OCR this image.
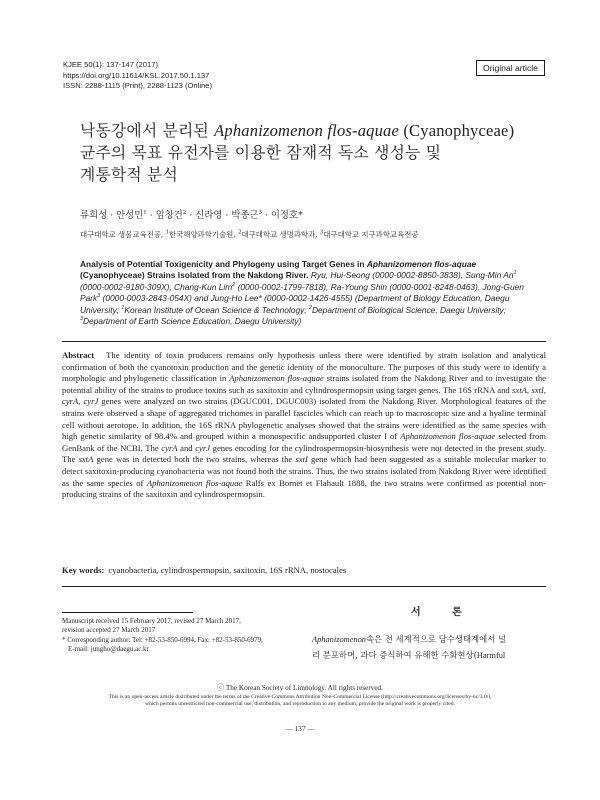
KJEE 50(1): 137-147 (2017)
https://doi.org/10.11614/KSL.2017.50.1.137
ISSN: 2288-1115 (Print), 2288-1123 (Online)
Original article
낙동강에서 분리된 Aphanizomenon flos-aquae (Cyanophyceae)
균주의 목표 유전자를 이용한 잠재적 독소 생성능 및
계통학적 분석
류희성 · 안성민$^1$ · 임창건$^2$ · 신라영 · 박종근$^3$ · 이정호*
대구대학교 생물교육전공, $^1$한국해양과학기술원, $^2$대구대학교 생명과학과, $^3$대구대학교 지구과학교육전공
Analysis of Potential Toxigenicity and Phylogeny using Target Genes in Aphanizomenon flos-aquae (Cyanophyceae) Strains Isolated from the Nakdong River. Ryu, Hui-Seong (0000-0002-8850-3838), Sung-Min An$^1$ (0000-0002-9180-309X), Chang-Kun Lim$^2$ (0000-0002-1799-7818), Ra-Young Shin (0000-0001-8248-0463), Jong-Guen Park$^3$ (0000-0003-2843-054X) and Jung-Ho Lee* (0000-0002-1426-4555) (Department of Biology Education, Daegu University; $^1$Korean Institute of Ocean Science & Technology; $^2$Department of Biological Science, Daegu University; $^3$Department of Earth Science Education, Daegu University)
Abstract The identity of toxin producers remains only hypothesis unless there were identified by strain isolation and analytical confirmation of both the cyanotoxin production and the genetic identity of the monoculture. The purposes of this study were to identify a morphologic and phylogenetic classification in Aphanizomenon flos-aquae strains isolated from the Nakdong River and to investigate the potential ability of the strains to produce toxins such as saxitoxin and cylindrospermopsin using target genes. The 16S rRNA and sxtA, sxtI, cyrA, cyrJ genes were analyzed on two strains (DGUC001, DGUC003) isolated from the Nakdong River. Morphological features of the strains were observed a shape of aggregated trichomes in parallel fascicles which can reach up to macroscopic size and a hyaline terminal cell without aerotope. In addition, the 16S rRNA phylogenetic analyses showed that the strains were identified as the same species with high genetic similarity of 98.4% and grouped within a monospecific andsupported cluster I of Aphanizomenon flos-aquae selected from GenBank of the NCBI. The cyrA and cyrJ genes encoding for the cylindrospermopsin-biosynthesis were not detected in the present study. The sxtA gene was in detected both the two strains, whereas the sxtI gene which had been suggested as a suitable molecular marker to detect saxitoxin-producing cyanobacteria was not found both the strains. Thus, the two strains isolated from Nakdong River were identified as the same species of Aphanizomenon flos-aquae Ralfs ex Bornet et Flahault 1888, the two strains were confirmed as potential non-producing strains of the saxitoxin and cylindrospermopsin.
Key words: cyanobacteria, cylindrospermopsin, saxitoxin, 16S rRNA, nostocales
서 론
Aphanizomenon속은 전 세계적으로 담수생태계에서 널
리 분포하며, 과다 증식하여 유해한 수화현상(Harmful
Manuscript received 15 February 2017, revised 27 March 2017,
revision accepted 27 March 2017
* Corresponding author: Tel: +82-53-850-6994, Fax: +82-53-850-6979,
E-mail: jungho@daegu.ac.kr
ⓒ The Korean Society of Limnology. All rights reserved.
This is an open-access article distributed under the terms of the Creative Commons Attribution Non-Commercial License (http://creativecommons.org/licenses/by-nc/3.0/),
which permits unrestricted non-commercial use, distribution, and reproduction in any medium, provide the original work is properly cited.
— 137 —
